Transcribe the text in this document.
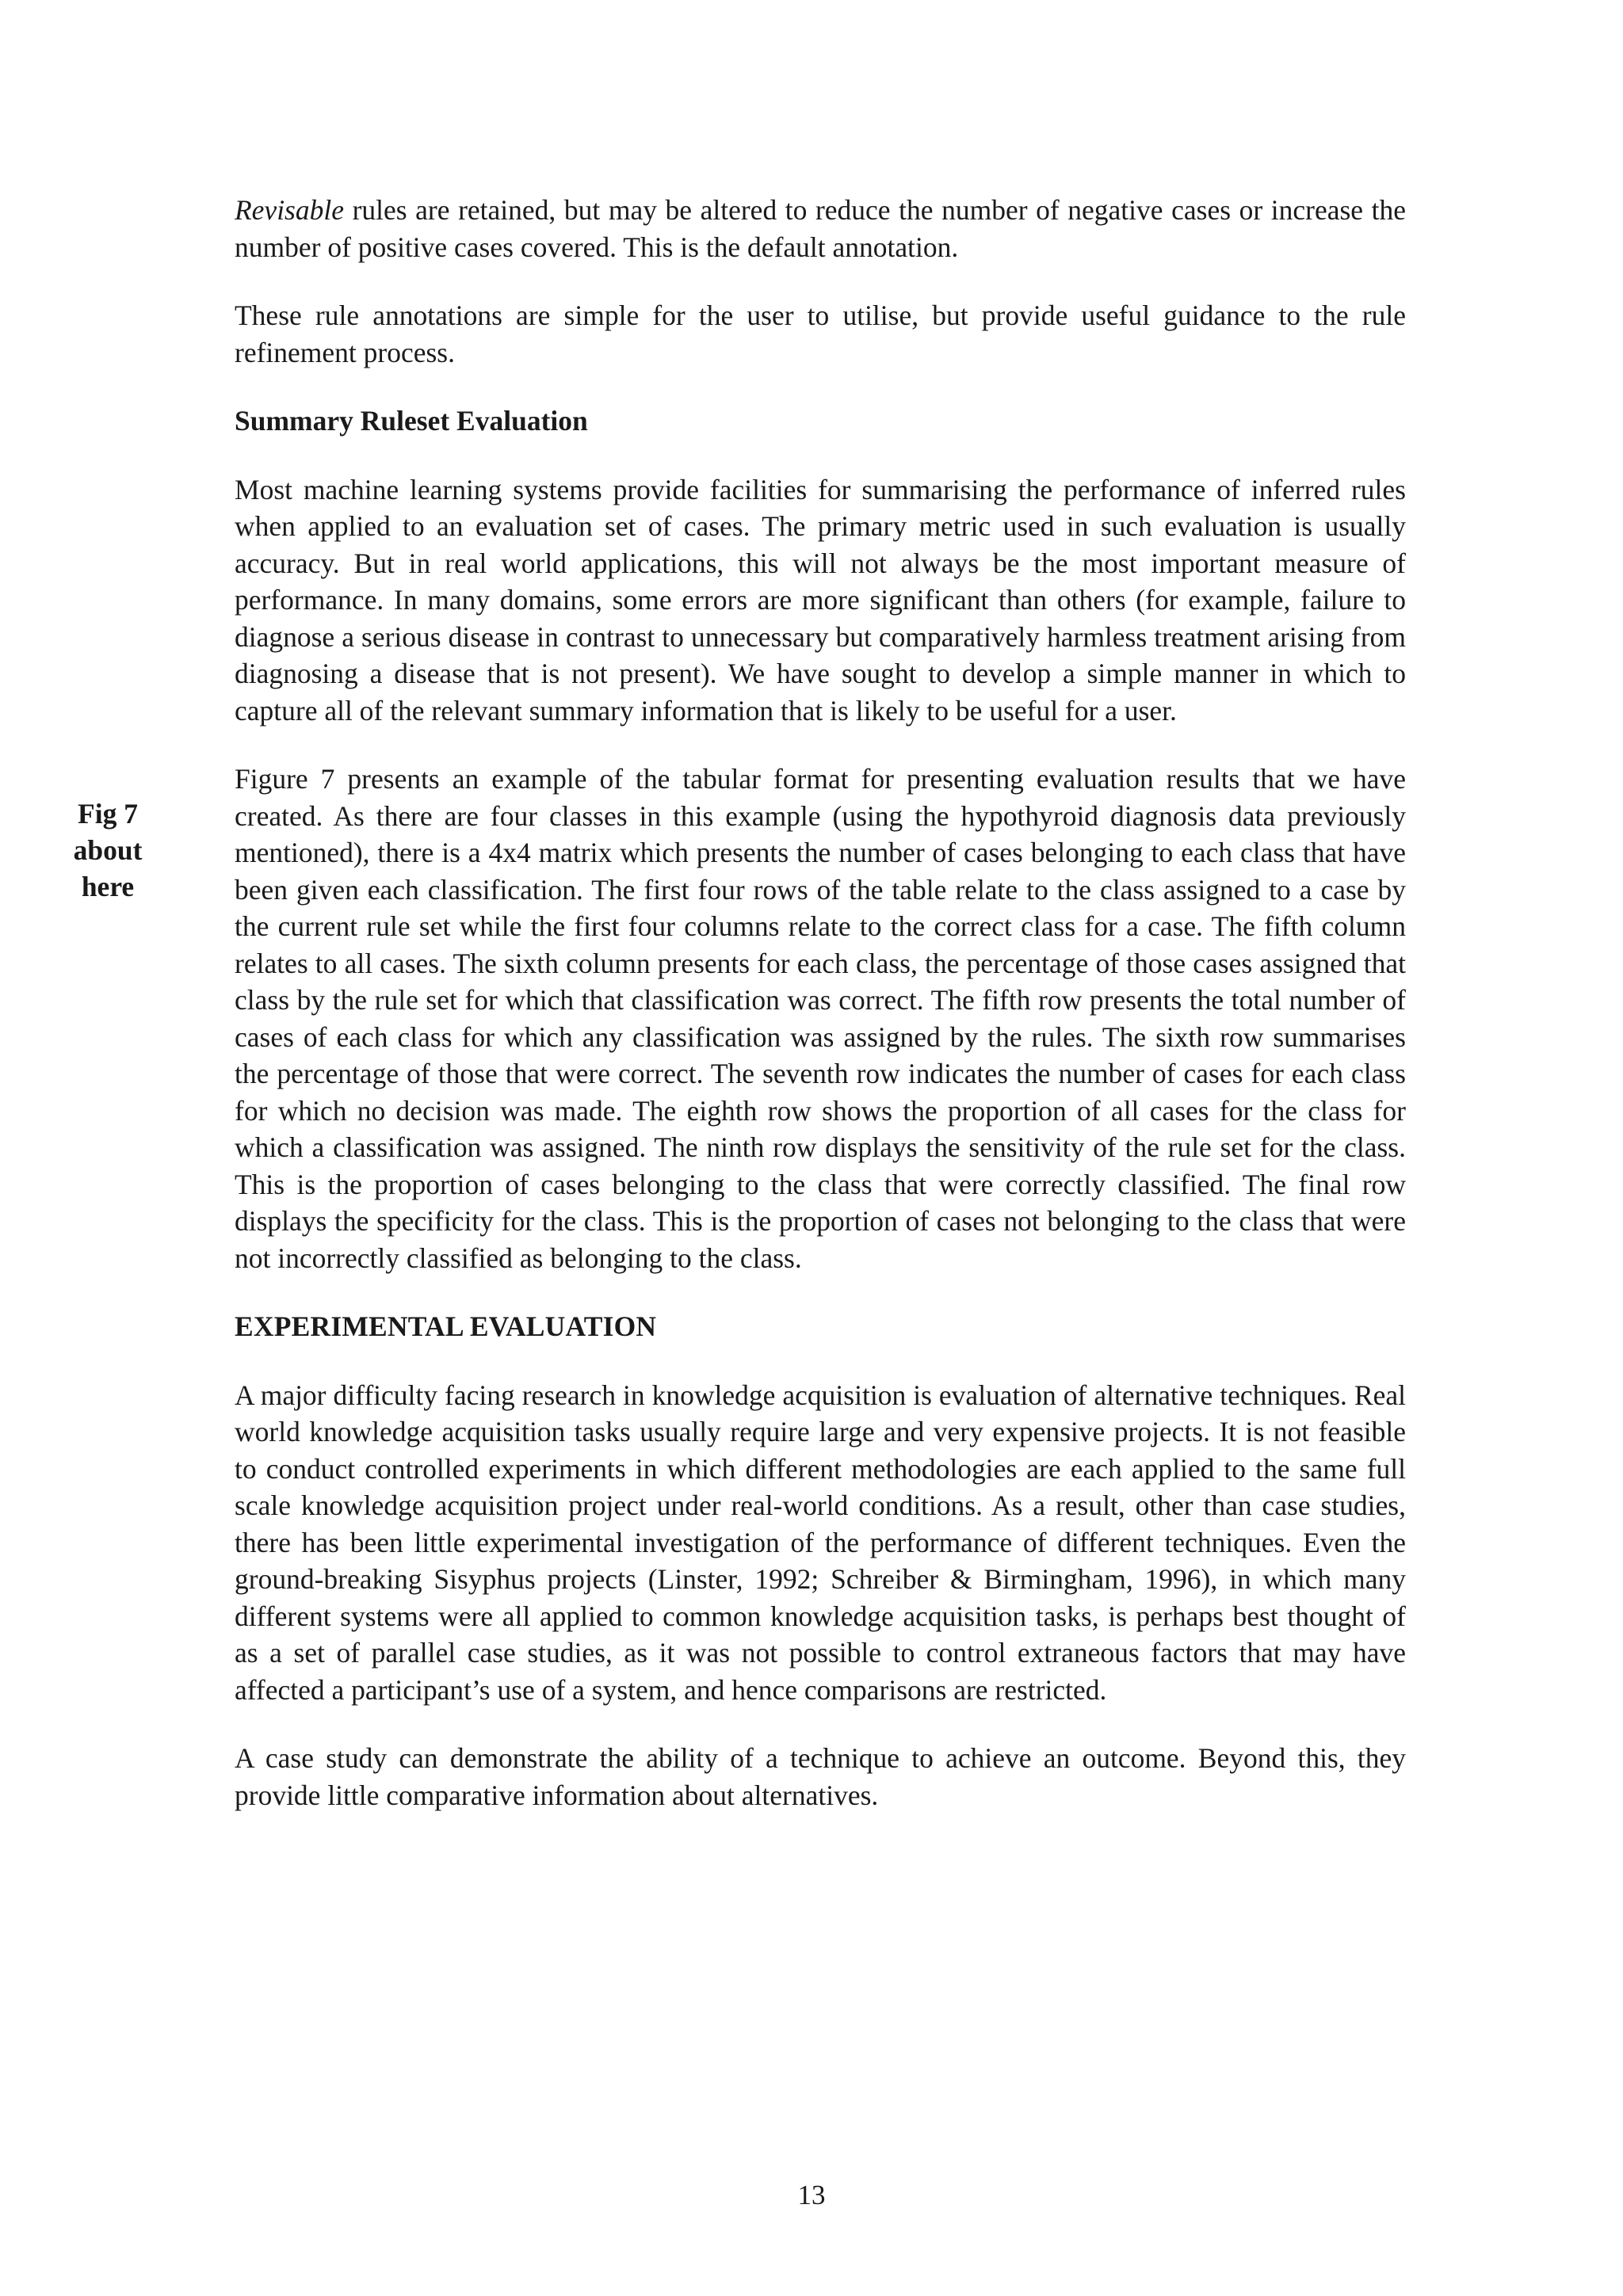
Fig 7
about
here

Revisable rules are retained, but may be altered to reduce the number of negative cases or increase the number of positive cases covered. This is the default annotation.

These rule annotations are simple for the user to utilise, but provide useful guidance to the rule refinement process.

Summary Ruleset Evaluation

Most machine learning systems provide facilities for summarising the performance of inferred rules when applied to an evaluation set of cases. The primary metric used in such evaluation is usually accuracy. But in real world applications, this will not always be the most important measure of performance. In many domains, some errors are more significant than others (for example, failure to diagnose a serious disease in contrast to unnecessary but comparatively harmless treatment arising from diagnosing a disease that is not present). We have sought to develop a simple manner in which to capture all of the relevant summary information that is likely to be useful for a user.

Figure 7 presents an example of the tabular format for presenting evaluation results that we have created. As there are four classes in this example (using the hypothyroid diagnosis data previously mentioned), there is a 4x4 matrix which presents the number of cases belonging to each class that have been given each classification. The first four rows of the table relate to the class assigned to a case by the current rule set while the first four columns relate to the correct class for a case. The fifth column relates to all cases. The sixth column presents for each class, the percentage of those cases assigned that class by the rule set for which that classification was correct. The fifth row presents the total number of cases of each class for which any classification was assigned by the rules. The sixth row summarises the percentage of those that were correct. The seventh row indicates the number of cases for each class for which no decision was made. The eighth row shows the proportion of all cases for the class for which a classification was assigned. The ninth row displays the sensitivity of the rule set for the class. This is the proportion of cases belonging to the class that were correctly classified. The final row displays the specificity for the class. This is the proportion of cases not belonging to the class that were not incorrectly classified as belonging to the class.

EXPERIMENTAL EVALUATION

A major difficulty facing research in knowledge acquisition is evaluation of alternative techniques. Real world knowledge acquisition tasks usually require large and very expensive projects. It is not feasible to conduct controlled experiments in which different methodologies are each applied to the same full scale knowledge acquisition project under real-world conditions. As a result, other than case studies, there has been little experimental investigation of the performance of different techniques. Even the ground-breaking Sisyphus projects (Linster, 1992; Schreiber & Birmingham, 1996), in which many different systems were all applied to common knowledge acquisition tasks, is perhaps best thought of as a set of parallel case studies, as it was not possible to control extraneous factors that may have affected a participant’s use of a system, and hence comparisons are restricted.

A case study can demonstrate the ability of a technique to achieve an outcome. Beyond this, they provide little comparative information about alternatives.

13
